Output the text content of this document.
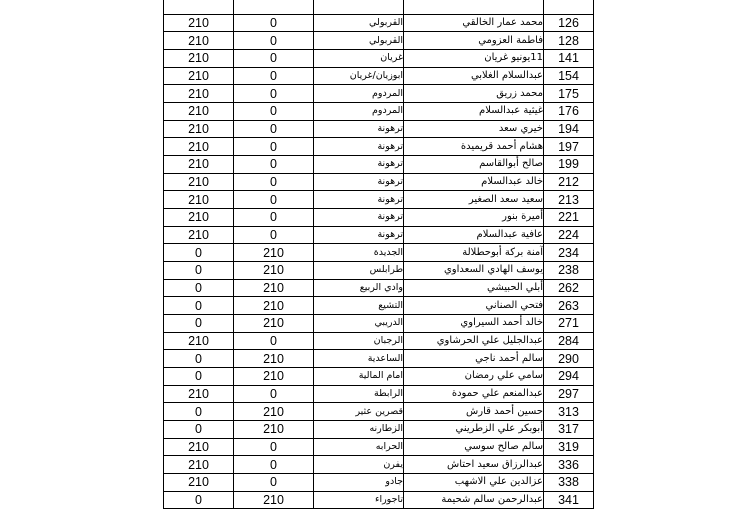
210	0	القربولي	محمد عمار الخالقي	126
210	0	القربولي	فاطمة العزومي	128
210	0	غريان	11يونيو غريان	141
210	0	ابوزيان/غريان	عبدالسلام الغلابي	154
210	0	المردوم	محمد زريق	175
210	0	المردوم	غيثية عبدالسلام	176
210	0	ترهونة	خيري سعد	194
210	0	ترهونة	هشام أحمد قريميدة	197
210	0	ترهونة	صالح أبوالقاسم	199
210	0	ترهونة	خالد عبدالسلام	212
210	0	ترهونة	سعيد سعد الصغير	213
210	0	ترهونة	أميرة بنور	221
210	0	ترهونة	عافية عبدالسلام	224
0	210	الجديدة	آمنة بركة أبوحطلالة	234
0	210	طرابلس	يوسف الهادي السعداوي	238
0	210	وادي الربيع	أبلي الحبيشي	262
0	210	التشيع	فتحي الصناني	263
0	210	الدريبي	خالد أحمد السيراوي	271
210	0	الرجبان	عبدالجليل علي الحرشاوي	284
0	210	الساعدية	سالم أحمد ناجي	290
0	210	امام المالية	سامي علي رمضان	294
210	0	الرابطة	عبدالمنعم علي حمودة	297
0	210	قصرين عثير	حسين أحمد قارش	313
0	210	الزطارنه	أبوبكر علي الزطريني	317
210	0	الحرابه	سالم صالح سوسي	319
210	0	يفرن	عبدالرزاق سعيد احتاش	336
210	0	جادو	عزالدين علي الاشهب	338
0	210	تاجوراء	عبدالرحمن سالم شحيمة	341
